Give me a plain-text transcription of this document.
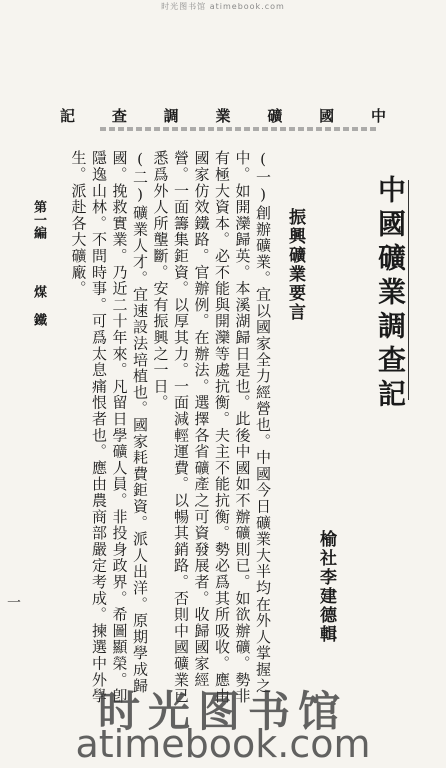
时光图书馆 atimebook.com
中
國
礦
業
調
查
記
中國礦業調查記
榆社李建德輯
振興礦業要言
(一)創辦礦業。宜以國家全力經營也。中國今日礦業大半均在外人掌握之中。如開灤歸英。本溪湖歸日是也。此後中國如不辦礦則已。如欲辦礦。勢非有極大資本。必不能與開灤等處抗衡。夫主不能抗衡。勢必爲其所吸收。應由國家仿效鐵路。官辦例。在辦法。選擇各省礦產之可資發展者。收歸國家經營。一面籌集鉅資。以厚其力。一面減輕運費。以暢其銷路。否則中國礦業已悉爲外人所壟斷。安有振興之一日。
(二)礦業人才。宜速設法培植也。國家耗費鉅資。派人出洋。原期學成歸國。挽救實業。乃近二十年來。凡留日學礦人員。非投身政界。希圖顯榮。卽隱逸山林。不問時事。可爲太息痛恨者也。應由農商部嚴定考成。揀選中外學生。派赴各大礦廠。
第一編  煤 鐵
一
时光图书馆
atimebook.com
